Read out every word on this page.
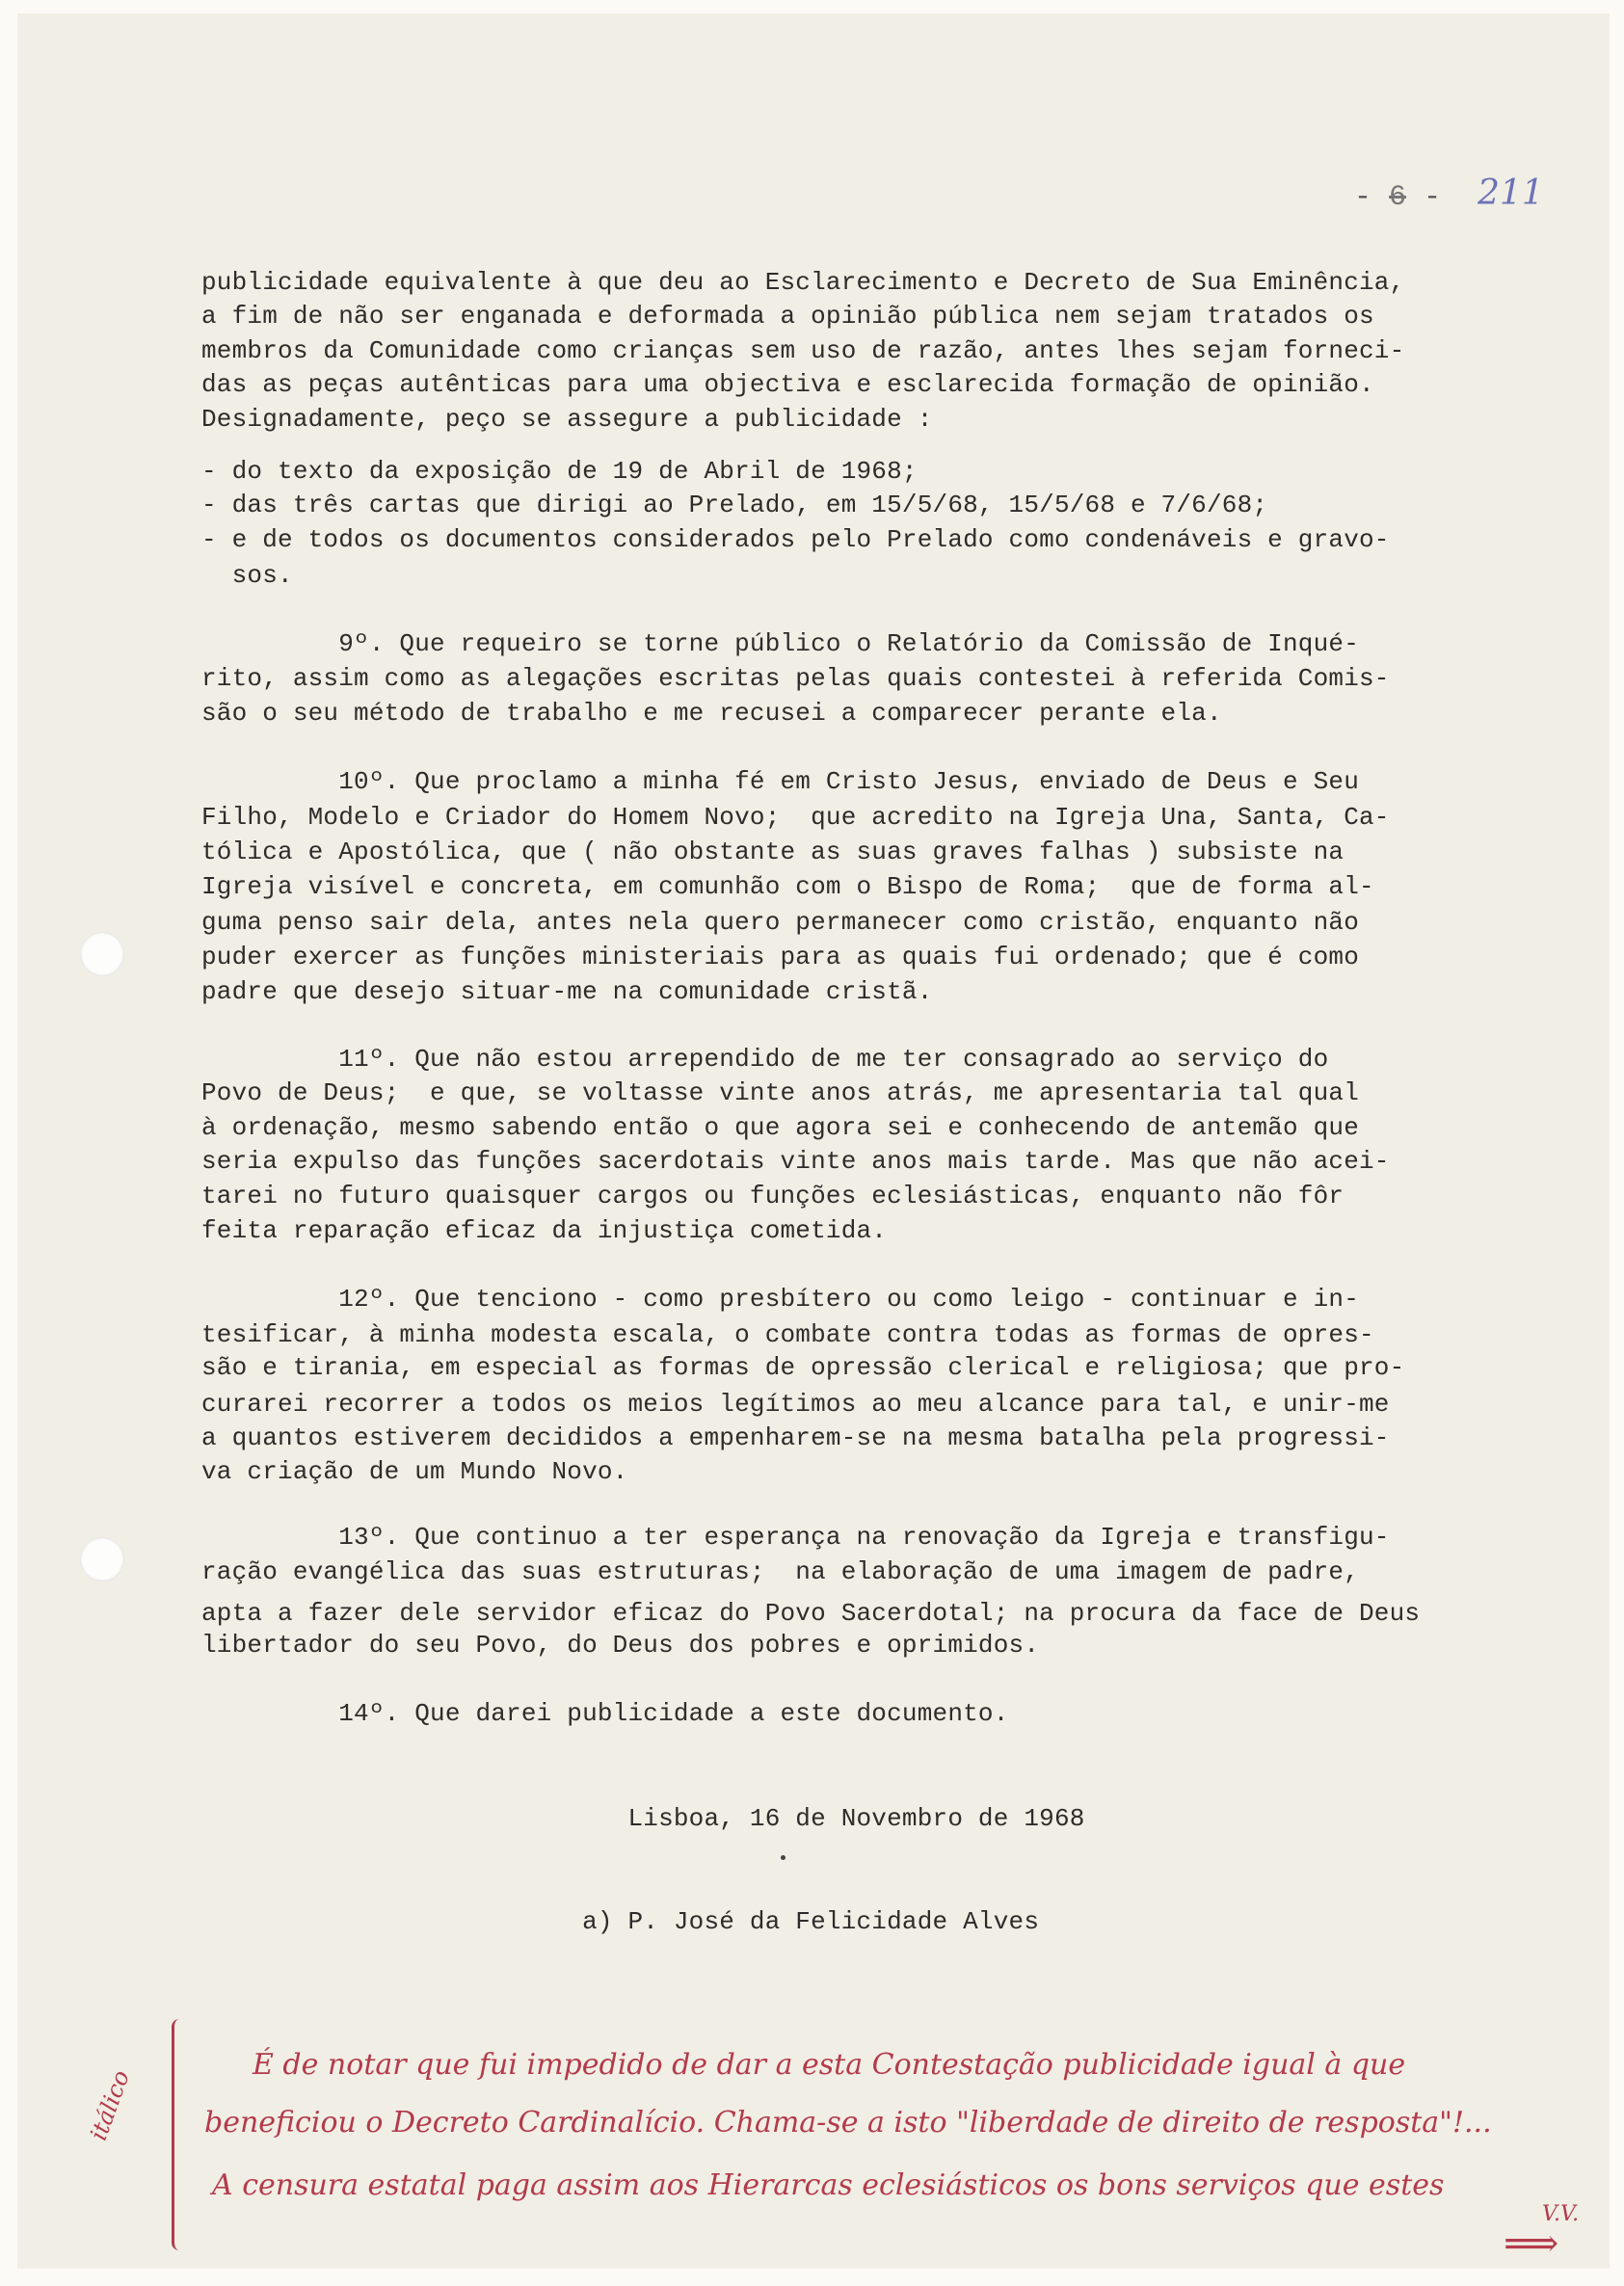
- 6 - 211
publicidade equivalente à que deu ao Esclarecimento e Decreto de Sua Eminência,
a fim de não ser enganada e deformada a opinião pública nem sejam tratados os
membros da Comunidade como crianças sem uso de razão, antes lhes sejam forneci-
das as peças autênticas para uma objectiva e esclarecida formação de opinião.
Designadamente, peço se assegure a publicidade :
- do texto da exposição de 19 de Abril de 1968;
- das três cartas que dirigi ao Prelado, em 15/5/68, 15/5/68 e 7/6/68;
- e de todos os documentos considerados pelo Prelado como condenáveis e gravo-
sos.
9º. Que requeiro se torne público o Relatório da Comissão de Inqué-
rito, assim como as alegações escritas pelas quais contestei à referida Comis-
são o seu método de trabalho e me recusei a comparecer perante ela.
10º. Que proclamo a minha fé em Cristo Jesus, enviado de Deus e Seu
Filho, Modelo e Criador do Homem Novo;  que acredito na Igreja Una, Santa, Ca-
tólica e Apostólica, que ( não obstante as suas graves falhas ) subsiste na
Igreja visível e concreta, em comunhão com o Bispo de Roma;  que de forma al-
guma penso sair dela, antes nela quero permanecer como cristão, enquanto não
puder exercer as funções ministeriais para as quais fui ordenado; que é como
padre que desejo situar-me na comunidade cristã.
11º. Que não estou arrependido de me ter consagrado ao serviço do
Povo de Deus;  e que, se voltasse vinte anos atrás, me apresentaria tal qual
à ordenação, mesmo sabendo então o que agora sei e conhecendo de antemão que
seria expulso das funções sacerdotais vinte anos mais tarde. Mas que não acei-
tarei no futuro quaisquer cargos ou funções eclesiásticas, enquanto não fôr
feita reparação eficaz da injustiça cometida.
12º. Que tenciono - como presbítero ou como leigo - continuar e in-
tesificar, à minha modesta escala, o combate contra todas as formas de opres-
são e tirania, em especial as formas de opressão clerical e religiosa; que pro-
curarei recorrer a todos os meios legítimos ao meu alcance para tal, e unir-me
a quantos estiverem decididos a empenharem-se na mesma batalha pela progressi-
va criação de um Mundo Novo.
13º. Que continuo a ter esperança na renovação da Igreja e transfigu-
ração evangélica das suas estruturas;  na elaboração de uma imagem de padre,
apta a fazer dele servidor eficaz do Povo Sacerdotal; na procura da face de Deus
libertador do seu Povo, do Deus dos pobres e oprimidos.
14º. Que darei publicidade a este documento.
Lisboa, 16 de Novembro de 1968
a) P. José da Felicidade Alves
itálico
É de notar que fui impedido de dar a esta Contestação publicidade igual à que
beneficiou o Decreto Cardinalício. Chama-se a isto "liberdade de direito de resposta"!...
A censura estatal paga assim aos Hierarcas eclesiásticos os bons serviços que estes
V.V.
⟹
